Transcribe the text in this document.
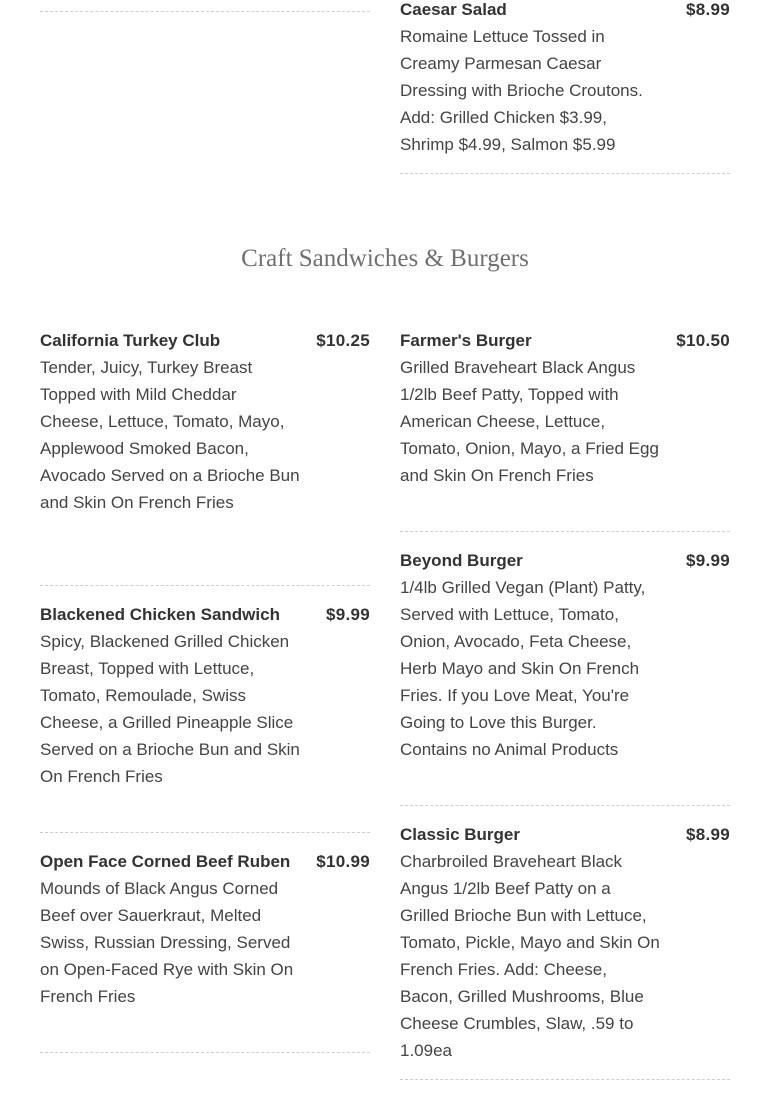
California Turkey Club	$10.25
Tender, Juicy, Turkey Breast Topped with Mild Cheddar Cheese, Lettuce, Tomato, Mayo, Applewood Smoked Bacon, Avocado Served on a Brioche Bun and Skin On French Fries
Blackened Chicken Sandwich	$9.99
Spicy, Blackened Grilled Chicken Breast, Topped with Lettuce, Tomato, Remoulade, Swiss Cheese, a Grilled Pineapple Slice Served on a Brioche Bun and Skin On French Fries
Open Face Corned Beef Ruben $10.99
Mounds of Black Angus Corned Beef over Sauerkraut, Melted Swiss, Russian Dressing, Served on Open-Faced Rye with Skin On French Fries
Caesar Salad	$8.99
Romaine Lettuce Tossed in Creamy Parmesan Caesar Dressing with Brioche Croutons.
Add: Grilled Chicken $3.99, Shrimp $4.99, Salmon $5.99
Farmer's Burger	$10.50
Grilled Braveheart Black Angus 1/2lb Beef Patty, Topped with American Cheese, Lettuce, Tomato, Onion, Mayo, a Fried Egg and Skin On French Fries
Beyond Burger	$9.99
1/4lb Grilled Vegan (Plant) Patty, Served with Lettuce, Tomato, Onion, Avocado, Feta Cheese, Herb Mayo and Skin On French Fries. If you Love Meat, You're Going to Love this Burger. Contains no Animal Products
Classic Burger	$8.99
Charbroiled Braveheart Black Angus 1/2lb Beef Patty on a Grilled Brioche Bun with Lettuce, Tomato, Pickle, Mayo and Skin On French Fries. Add: Cheese, Bacon, Grilled Mushrooms, Blue Cheese Crumbles, Slaw, .59 to 1.09ea
Craft Sandwiches & Burgers
